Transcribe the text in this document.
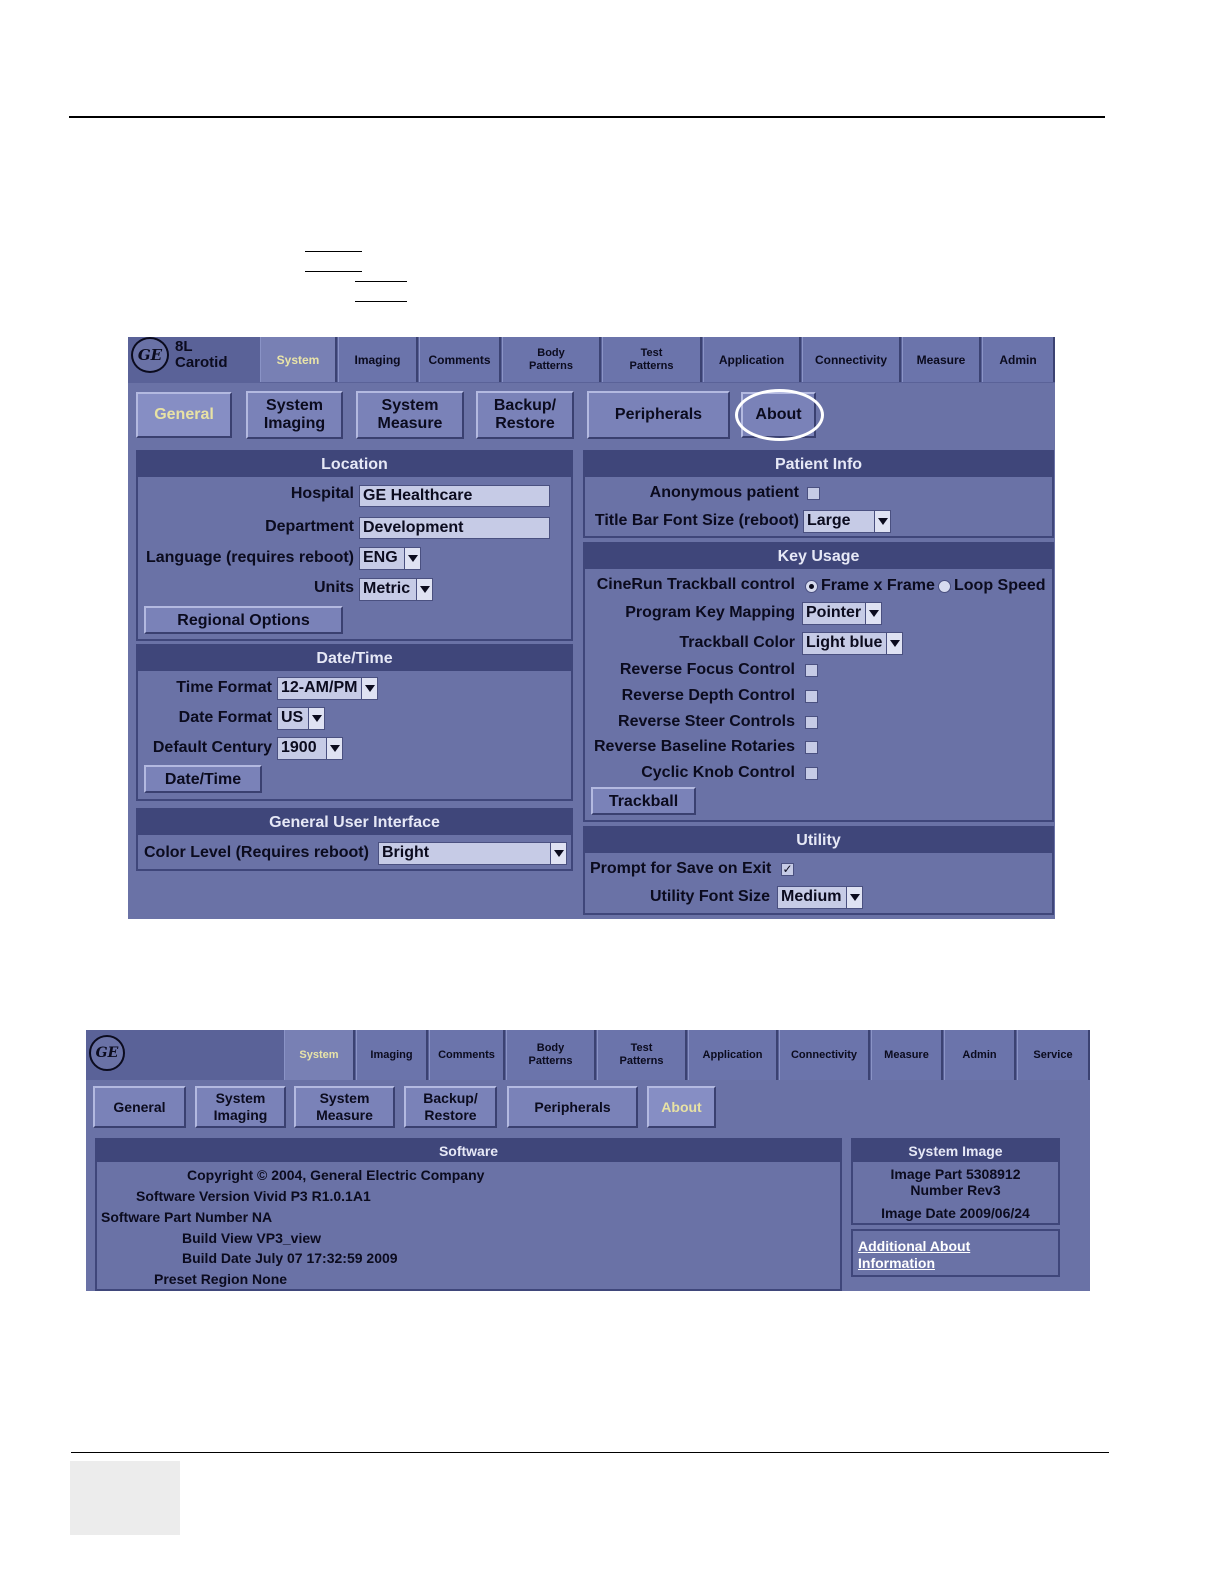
GE 8L
Carotid	System	Imaging Comments	Body
Patterns
Test
Patterns	Application	Connectivity Measure	Admin
General
System
Imaging
System
Measure
Backup/
Restore
Peripherals	About
Location
Hospital GE Healthcare
Department Development
Language (requires reboot) ENG
Units Metric
Regional Options
Date/Time
Time Format 12-AM/PM
Date Format US
Default Century 1900
Date/Time
General User Interface
Color Level (Requires reboot) Bright
Patient Info
Anonymous patient
Title Bar Font Size (reboot) Large
Key Usage
CineRun Trackball control Frame x Frame Loop Speed
Program Key Mapping Pointer
Trackball Color Light blue
Reverse Focus Control
Reverse Depth Control
Reverse Steer Controls
Reverse Baseline Rotaries
Cyclic Knob Control
Trackball
Utility
Prompt for Save on Exit ✓
Utility Font Size Medium
GE	System	Imaging Comments
Body
Patterns
Test
Patterns
Application	Connectivity Measure	Admin	Service
General
System
Imaging
System
Measure
Backup/
Restore
Peripherals	About
Software
Copyright © 2004, General Electric Company
Software Version Vivid P3 R1.0.1A1
Software Part Number NA
Build View VP3_view
Build Date July 07 17:32:59 2009
Preset Region None
System Image
Image Part 5308912
Number Rev3
Image Date 2009/06/24
Additional About
Information
